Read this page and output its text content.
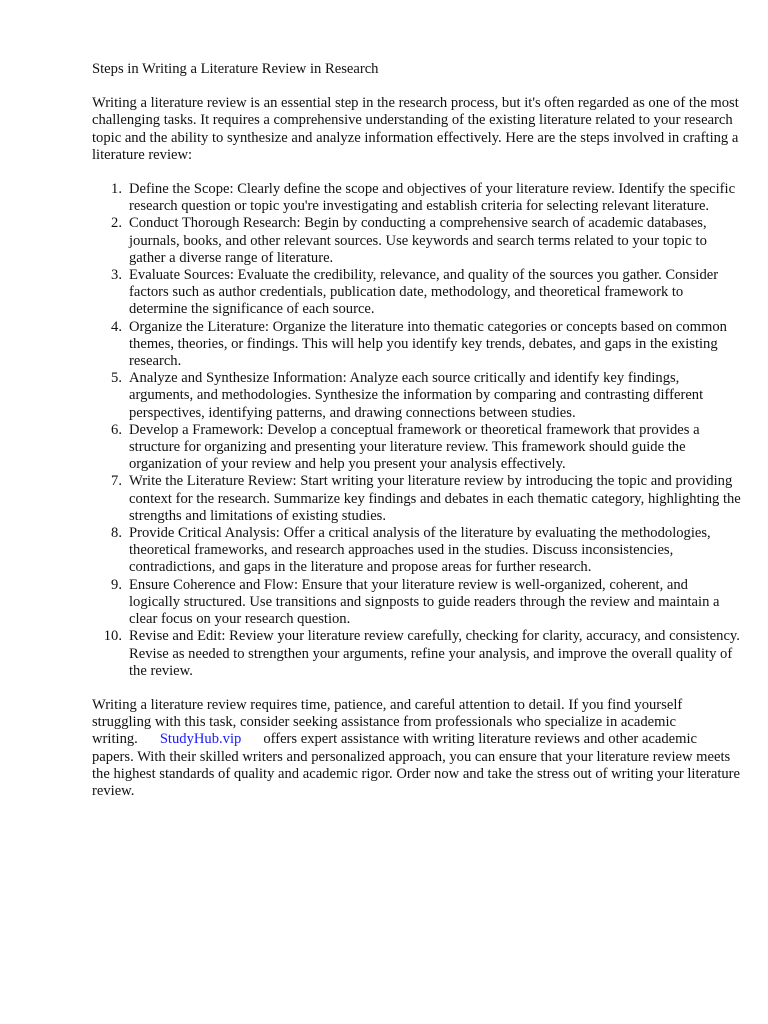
Steps in Writing a Literature Review in Research

Writing a literature review is an essential step in the research process, but it's often regarded as one of the most challenging tasks. It requires a comprehensive understanding of the existing literature related to your research topic and the ability to synthesize and analyze information effectively. Here are the steps involved in crafting a literature review:

1. Define the Scope: Clearly define the scope and objectives of your literature review. Identify the specific research question or topic you're investigating and establish criteria for selecting relevant literature.
2. Conduct Thorough Research: Begin by conducting a comprehensive search of academic databases, journals, books, and other relevant sources. Use keywords and search terms related to your topic to gather a diverse range of literature.
3. Evaluate Sources: Evaluate the credibility, relevance, and quality of the sources you gather. Consider factors such as author credentials, publication date, methodology, and theoretical framework to determine the significance of each source.
4. Organize the Literature: Organize the literature into thematic categories or concepts based on common themes, theories, or findings. This will help you identify key trends, debates, and gaps in the existing research.
5. Analyze and Synthesize Information: Analyze each source critically and identify key findings, arguments, and methodologies. Synthesize the information by comparing and contrasting different perspectives, identifying patterns, and drawing connections between studies.
6. Develop a Framework: Develop a conceptual framework or theoretical framework that provides a structure for organizing and presenting your literature review. This framework should guide the organization of your review and help you present your analysis effectively.
7. Write the Literature Review: Start writing your literature review by introducing the topic and providing context for the research. Summarize key findings and debates in each thematic category, highlighting the strengths and limitations of existing studies.
8. Provide Critical Analysis: Offer a critical analysis of the literature by evaluating the methodologies, theoretical frameworks, and research approaches used in the studies. Discuss inconsistencies, contradictions, and gaps in the literature and propose areas for further research.
9. Ensure Coherence and Flow: Ensure that your literature review is well-organized, coherent, and logically structured. Use transitions and signposts to guide readers through the review and maintain a clear focus on your research question.
10. Revise and Edit: Review your literature review carefully, checking for clarity, accuracy, and consistency. Revise as needed to strengthen your arguments, refine your analysis, and improve the overall quality of the review.

Writing a literature review requires time, patience, and careful attention to detail. If you find yourself struggling with this task, consider seeking assistance from professionals who specialize in academic writing. StudyHub.vip offers expert assistance with writing literature reviews and other academic papers. With their skilled writers and personalized approach, you can ensure that your literature review meets the highest standards of quality and academic rigor. Order now and take the stress out of writing your literature review.
